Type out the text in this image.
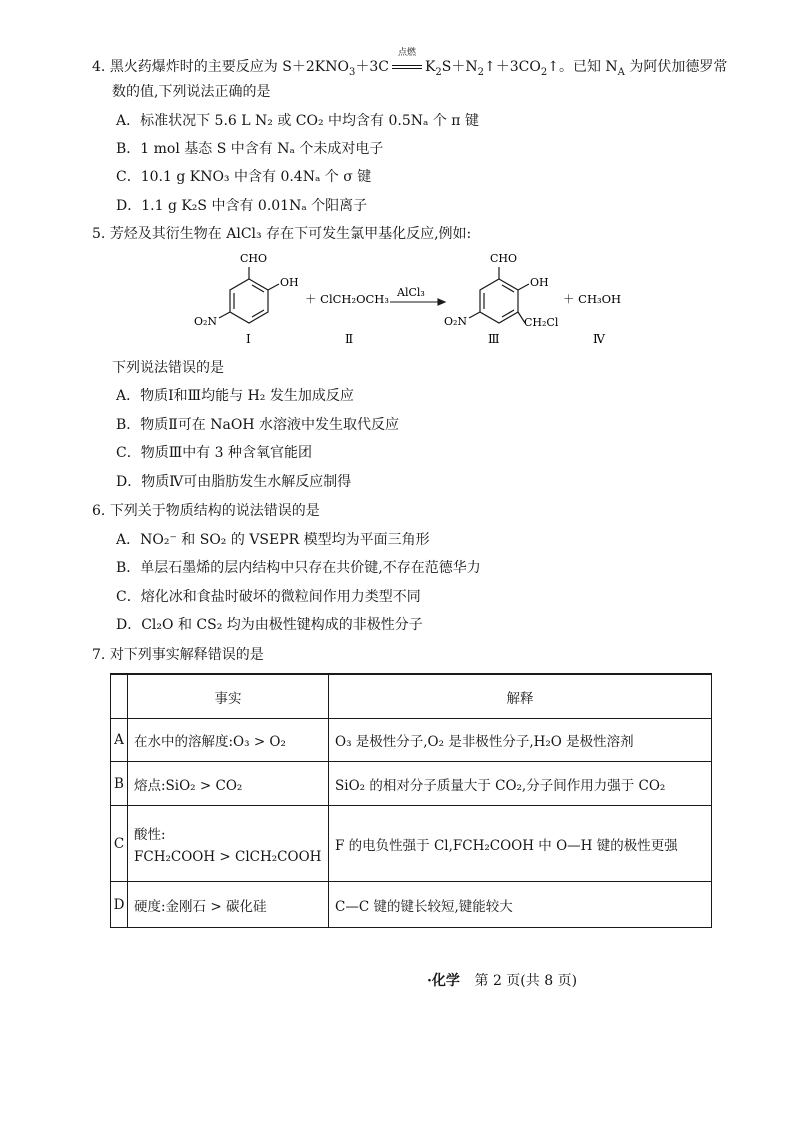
4. 黑火药爆炸时的主要反应为 $S+2KNO_3+3C$
点燃
$K_2S+N_2↑+3CO_2↑$。已知 $N_A$ 为阿伏加德罗常
数的值,下列说法正确的是
A．标准状况下 5.6 L N₂ 或 CO₂ 中均含有 0.5Nₐ 个 π 键
B．1 mol 基态 S 中含有 Nₐ 个未成对电子
C．10.1 g KNO₃ 中含有 0.4Nₐ 个 σ 键
D．1.1 g K₂S 中含有 0.01Nₐ 个阳离子
5. 芳烃及其衍生物在 AlCl₃ 存在下可发生氯甲基化反应,例如:
CHO
OH
O₂N
Ⅰ
＋ ClCH₂OCH₃
Ⅱ
AlCl₃
CHO
OH
O₂N	CH₂Cl
Ⅲ
＋ CH₃OH
Ⅳ
下列说法错误的是
A．物质Ⅰ和Ⅲ均能与 H₂ 发生加成反应
B．物质Ⅱ可在 NaOH 水溶液中发生取代反应
C．物质Ⅲ中有 3 种含氧官能团
D．物质Ⅳ可由脂肪发生水解反应制得
6. 下列关于物质结构的说法错误的是
A．NO₂⁻ 和 SO₂ 的 VSEPR 模型均为平面三角形
B．单层石墨烯的层内结构中只存在共价键,不存在范德华力
C．熔化冰和食盐时破坏的微粒间作用力类型不同
D．Cl₂O 和 CS₂ 均为由极性键构成的非极性分子
7. 对下列事实解释错误的是
	事实	解释
A	在水中的溶解度:O₃ > O₂	O₃ 是极性分子,O₂ 是非极性分子,H₂O 是极性溶剂
B	熔点:SiO₂ > CO₂	SiO₂ 的相对分子质量大于 CO₂,分子间作用力强于 CO₂
C	酸性:
FCH₂COOH > ClCH₂COOH	F 的电负性强于 Cl,FCH₂COOH 中 O—H 键的极性更强
D	硬度:金刚石 > 碳化硅	C—C 键的键长较短,键能较大
·化学 第 2 页(共 8 页)
